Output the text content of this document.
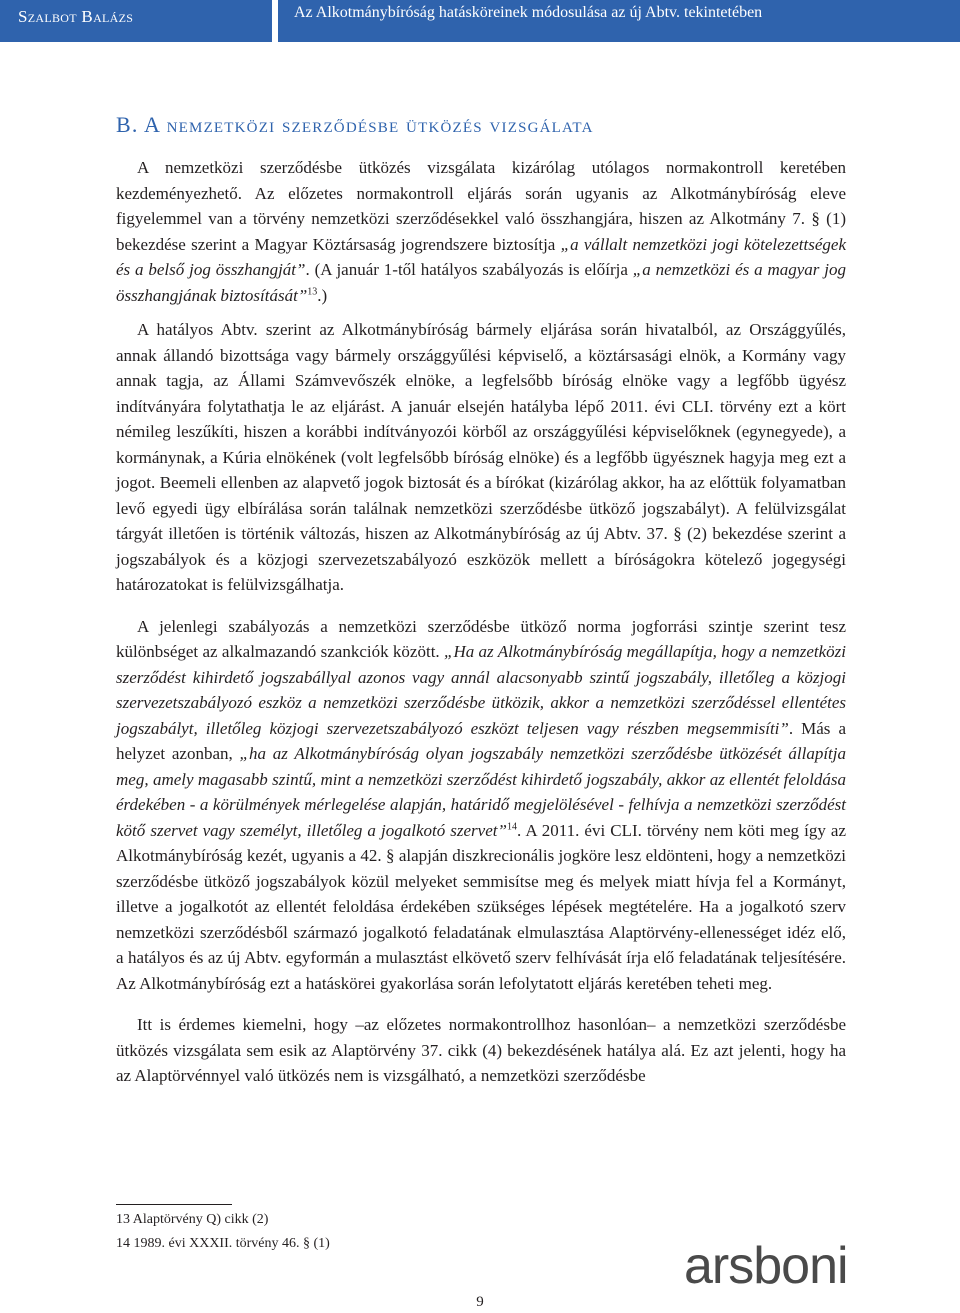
Szalbot Balázs	Az Alkotmánybíróság hatásköreinek módosulása az új Abtv. tekintetében
B. A nemzetközi szerződésbe ütközés vizsgálata

A nemzetközi szerződésbe ütközés vizsgálata kizárólag utólagos normakontroll keretében kezdeményezhető. Az előzetes normakontroll eljárás során ugyanis az Alkotmánybíróság eleve figyelemmel van a törvény nemzetközi szerződésekkel való összhangjára, hiszen az Alkotmány 7. § (1) bekezdése szerint a Magyar Köztársaság jogrendszere biztosítja „a vállalt nemzetközi jogi kötelezettségek és a belső jog összhangját”. (A január 1-től hatályos szabályozás is előírja „a nemzetközi és a magyar jog összhangjának biztosítását”$^{13}$.)

A hatályos Abtv. szerint az Alkotmánybíróság bármely eljárása során hivatalból, az Országgyűlés, annak állandó bizottsága vagy bármely országgyűlési képviselő, a köztársasági elnök, a Kormány vagy annak tagja, az Állami Számvevőszék elnöke, a legfelsőbb bíróság elnöke vagy a legfőbb ügyész indítványára folytathatja le az eljárást. A január elsején hatályba lépő 2011. évi CLI. törvény ezt a kört némileg leszűkíti, hiszen a korábbi indítványozói körből az országgyűlési képviselőknek (egynegyede), a kormánynak, a Kúria elnökének (volt legfelsőbb bíróság elnöke) és a legfőbb ügyésznek hagyja meg ezt a jogot. Beemeli ellenben az alapvető jogok biztosát és a bírókat (kizárólag akkor, ha az előttük folyamatban levő egyedi ügy elbírálása során találnak nemzetközi szerződésbe ütköző jogszabályt). A felülvizsgálat tárgyát illetően is történik változás, hiszen az Alkotmánybíróság az új Abtv. 37. § (2) bekezdése szerint a jogszabályok és a közjogi szervezetszabályozó eszközök mellett a bíróságokra kötelező jogegységi határozatokat is felülvizsgálhatja.

A jelenlegi szabályozás a nemzetközi szerződésbe ütköző norma jogforrási szintje szerint tesz különbséget az alkalmazandó szankciók között. „Ha az Alkotmánybíróság megállapítja, hogy a nemzetközi szerződést kihirdető jogszabállyal azonos vagy annál alacsonyabb szintű jogszabály, illetőleg a közjogi szervezetszabályozó eszköz a nemzetközi szerződésbe ütközik, akkor a nemzetközi szerződéssel ellentétes jogszabályt, illetőleg közjogi szervezetszabályozó eszközt teljesen vagy részben megsemmisíti”. Más a helyzet azonban, „ha az Alkotmánybíróság olyan jogszabály nemzetközi szerződésbe ütközését állapítja meg, amely magasabb szintű, mint a nemzetközi szerződést kihirdető jogszabály, akkor az ellentét feloldása érdekében - a körülmények mérlegelése alapján, határidő megjelölésével - felhívja a nemzetközi szerződést kötő szervet vagy személyt, illetőleg a jogalkotó szervet”$^{14}$. A 2011. évi CLI. törvény nem köti meg így az Alkotmánybíróság kezét, ugyanis a 42. § alapján diszkrecionális jogköre lesz eldönteni, hogy a nemzetközi szerződésbe ütköző jogszabályok közül melyeket semmisítse meg és melyek miatt hívja fel a Kormányt, illetve a jogalkotót az ellentét feloldása érdekében szükséges lépések megtételére. Ha a jogalkotó szerv nemzetközi szerződésből származó jogalkotó feladatának elmulasztása Alaptörvény-ellenességet idéz elő, a hatályos és az új Abtv. egyformán a mulasztást elkövető szerv felhívását írja elő feladatának teljesítésére. Az Alkotmánybíróság ezt a hatáskörei gyakorlása során lefolytatott eljárás keretében teheti meg.

Itt is érdemes kiemelni, hogy –az előzetes normakontrollhoz hasonlóan– a nemzetközi szerződésbe ütközés vizsgálata sem esik az Alaptörvény 37. cikk (4) bekezdésének hatálya alá. Ez azt jelenti, hogy ha az Alaptörvénnyel való ütközés nem is vizsgálható, a nemzetközi szerződésbe

13 Alaptörvény Q) cikk (2)
14 1989. évi XXXII. törvény 46. § (1)	arsboni
9
